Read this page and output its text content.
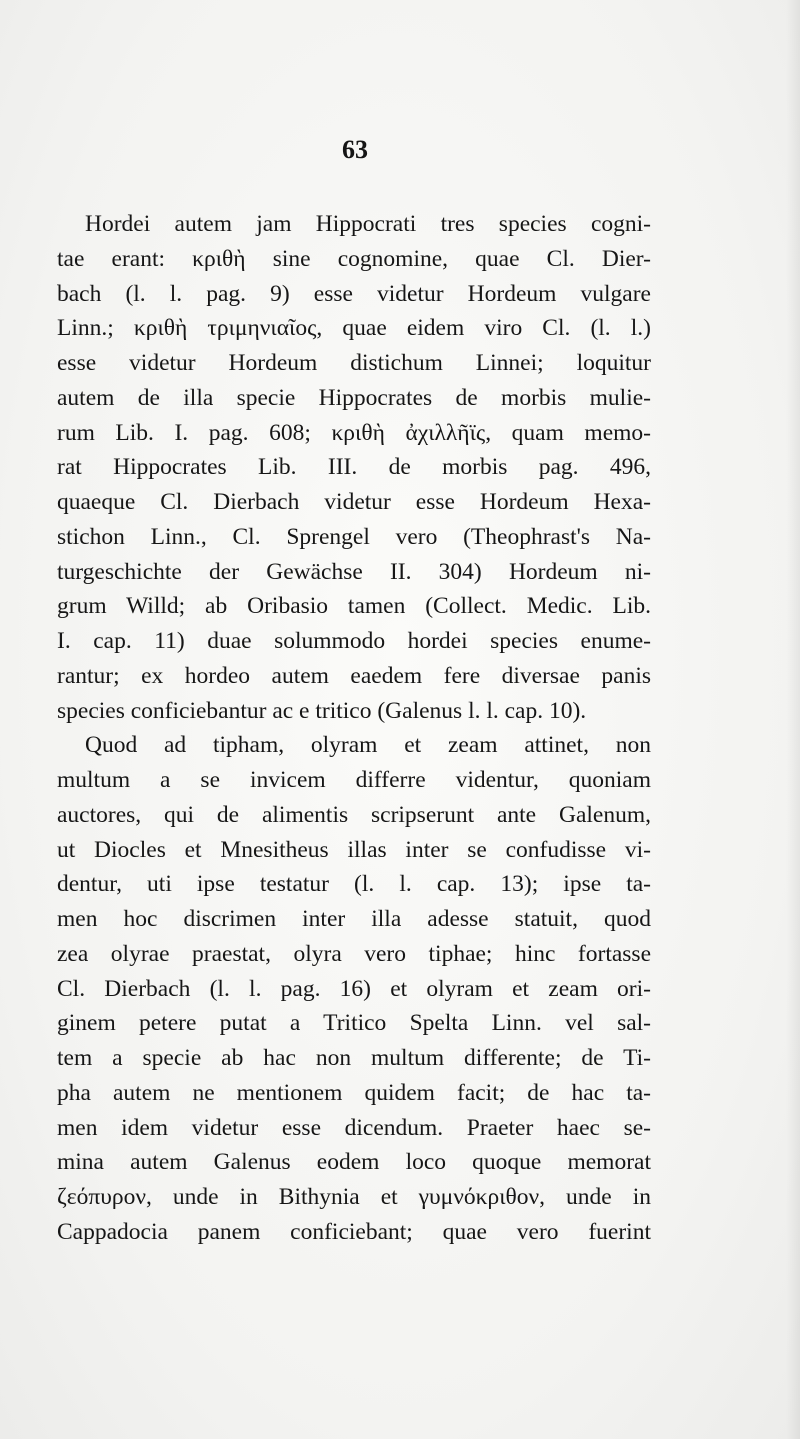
63
Hordei autem jam Hippocrati tres species cogni-
tae erant: κριθὴ sine cognomine, quae Cl. Dier-
bach (l. l. pag. 9) esse videtur Hordeum vulgare
Linn.; κριθὴ τριμηνιαῖος, quae eidem viro Cl. (l. l.)
esse videtur Hordeum distichum Linnei; loquitur
autem de illa specie Hippocrates de morbis mulie-
rum Lib. I. pag. 608; κριθὴ ἀχιλλῆϊς, quam memo-
rat Hippocrates Lib. III. de morbis pag. 496,
quaeque Cl. Dierbach videtur esse Hordeum Hexa-
stichon Linn., Cl. Sprengel vero (Theophrast's Na-
turgeschichte der Gewächse II. 304) Hordeum ni-
grum Willd; ab Oribasio tamen (Collect. Medic. Lib.
I. cap. 11) duae solummodo hordei species enume-
rantur; ex hordeo autem eaedem fere diversae panis
species conficiebantur ac e tritico (Galenus l. l. cap. 10).
Quod ad tipham, olyram et zeam attinet, non
multum a se invicem differre videntur, quoniam
auctores, qui de alimentis scripserunt ante Galenum,
ut Diocles et Mnesitheus illas inter se confudisse vi-
dentur, uti ipse testatur (l. l. cap. 13); ipse ta-
men hoc discrimen inter illa adesse statuit, quod
zea olyrae praestat, olyra vero tiphae; hinc fortasse
Cl. Dierbach (l. l. pag. 16) et olyram et zeam ori-
ginem petere putat a Tritico Spelta Linn. vel sal-
tem a specie ab hac non multum differente; de Ti-
pha autem ne mentionem quidem facit; de hac ta-
men idem videtur esse dicendum. Praeter haec se-
mina autem Galenus eodem loco quoque memorat
ζεόπυρον, unde in Bithynia et γυμνόκριθον, unde in
Cappadocia panem conficiebant; quae vero fuerint
